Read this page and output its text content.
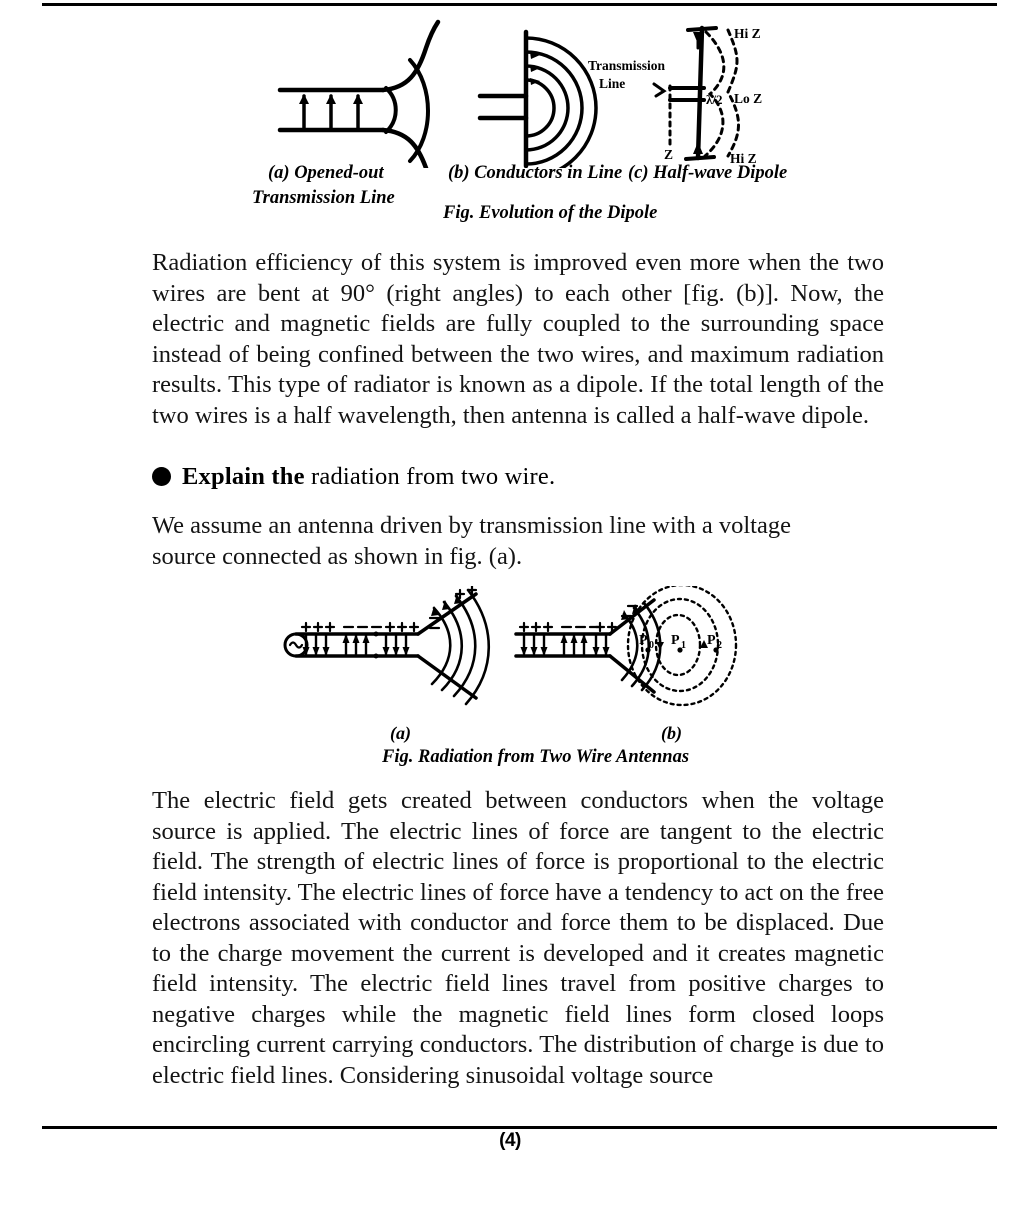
Transmission
Line
Hi Z
Lo Z
λ/2
Z	Hi Z
(a) Opened-out
Transmission Line
(b) Conductors in Line (c) Half-wave Dipole
Fig. Evolution of the Dipole

Radiation efficiency of this system is improved even more when the two wires are bent at 90° (right angles) to each other [fig. (b)]. Now, the electric and magnetic fields are fully coupled to the surrounding space instead of being confined between the two wires, and maximum radiation results. This type of radiator is known as a dipole. If the total length of the two wires is a half wavelength, then antenna is called a half-wave dipole.

Explain the radiation from two wire.

We assume an antenna driven by transmission line with a voltage source connected as shown in fig. (a).

P 0 P 1 P 2
(a)	(b)
Fig. Radiation from Two Wire Antennas

The electric field gets created between conductors when the voltage source is applied. The electric lines of force are tangent to the electric field. The strength of electric lines of force is proportional to the electric field intensity. The electric lines of force have a tendency to act on the free electrons associated with conductor and force them to be displaced. Due to the charge movement the current is developed and it creates magnetic field intensity. The electric field lines travel from positive charges to negative charges while the magnetic field lines form closed loops encircling current carrying conductors. The distribution of charge is due to electric field lines. Considering sinusoidal voltage source

(4)
